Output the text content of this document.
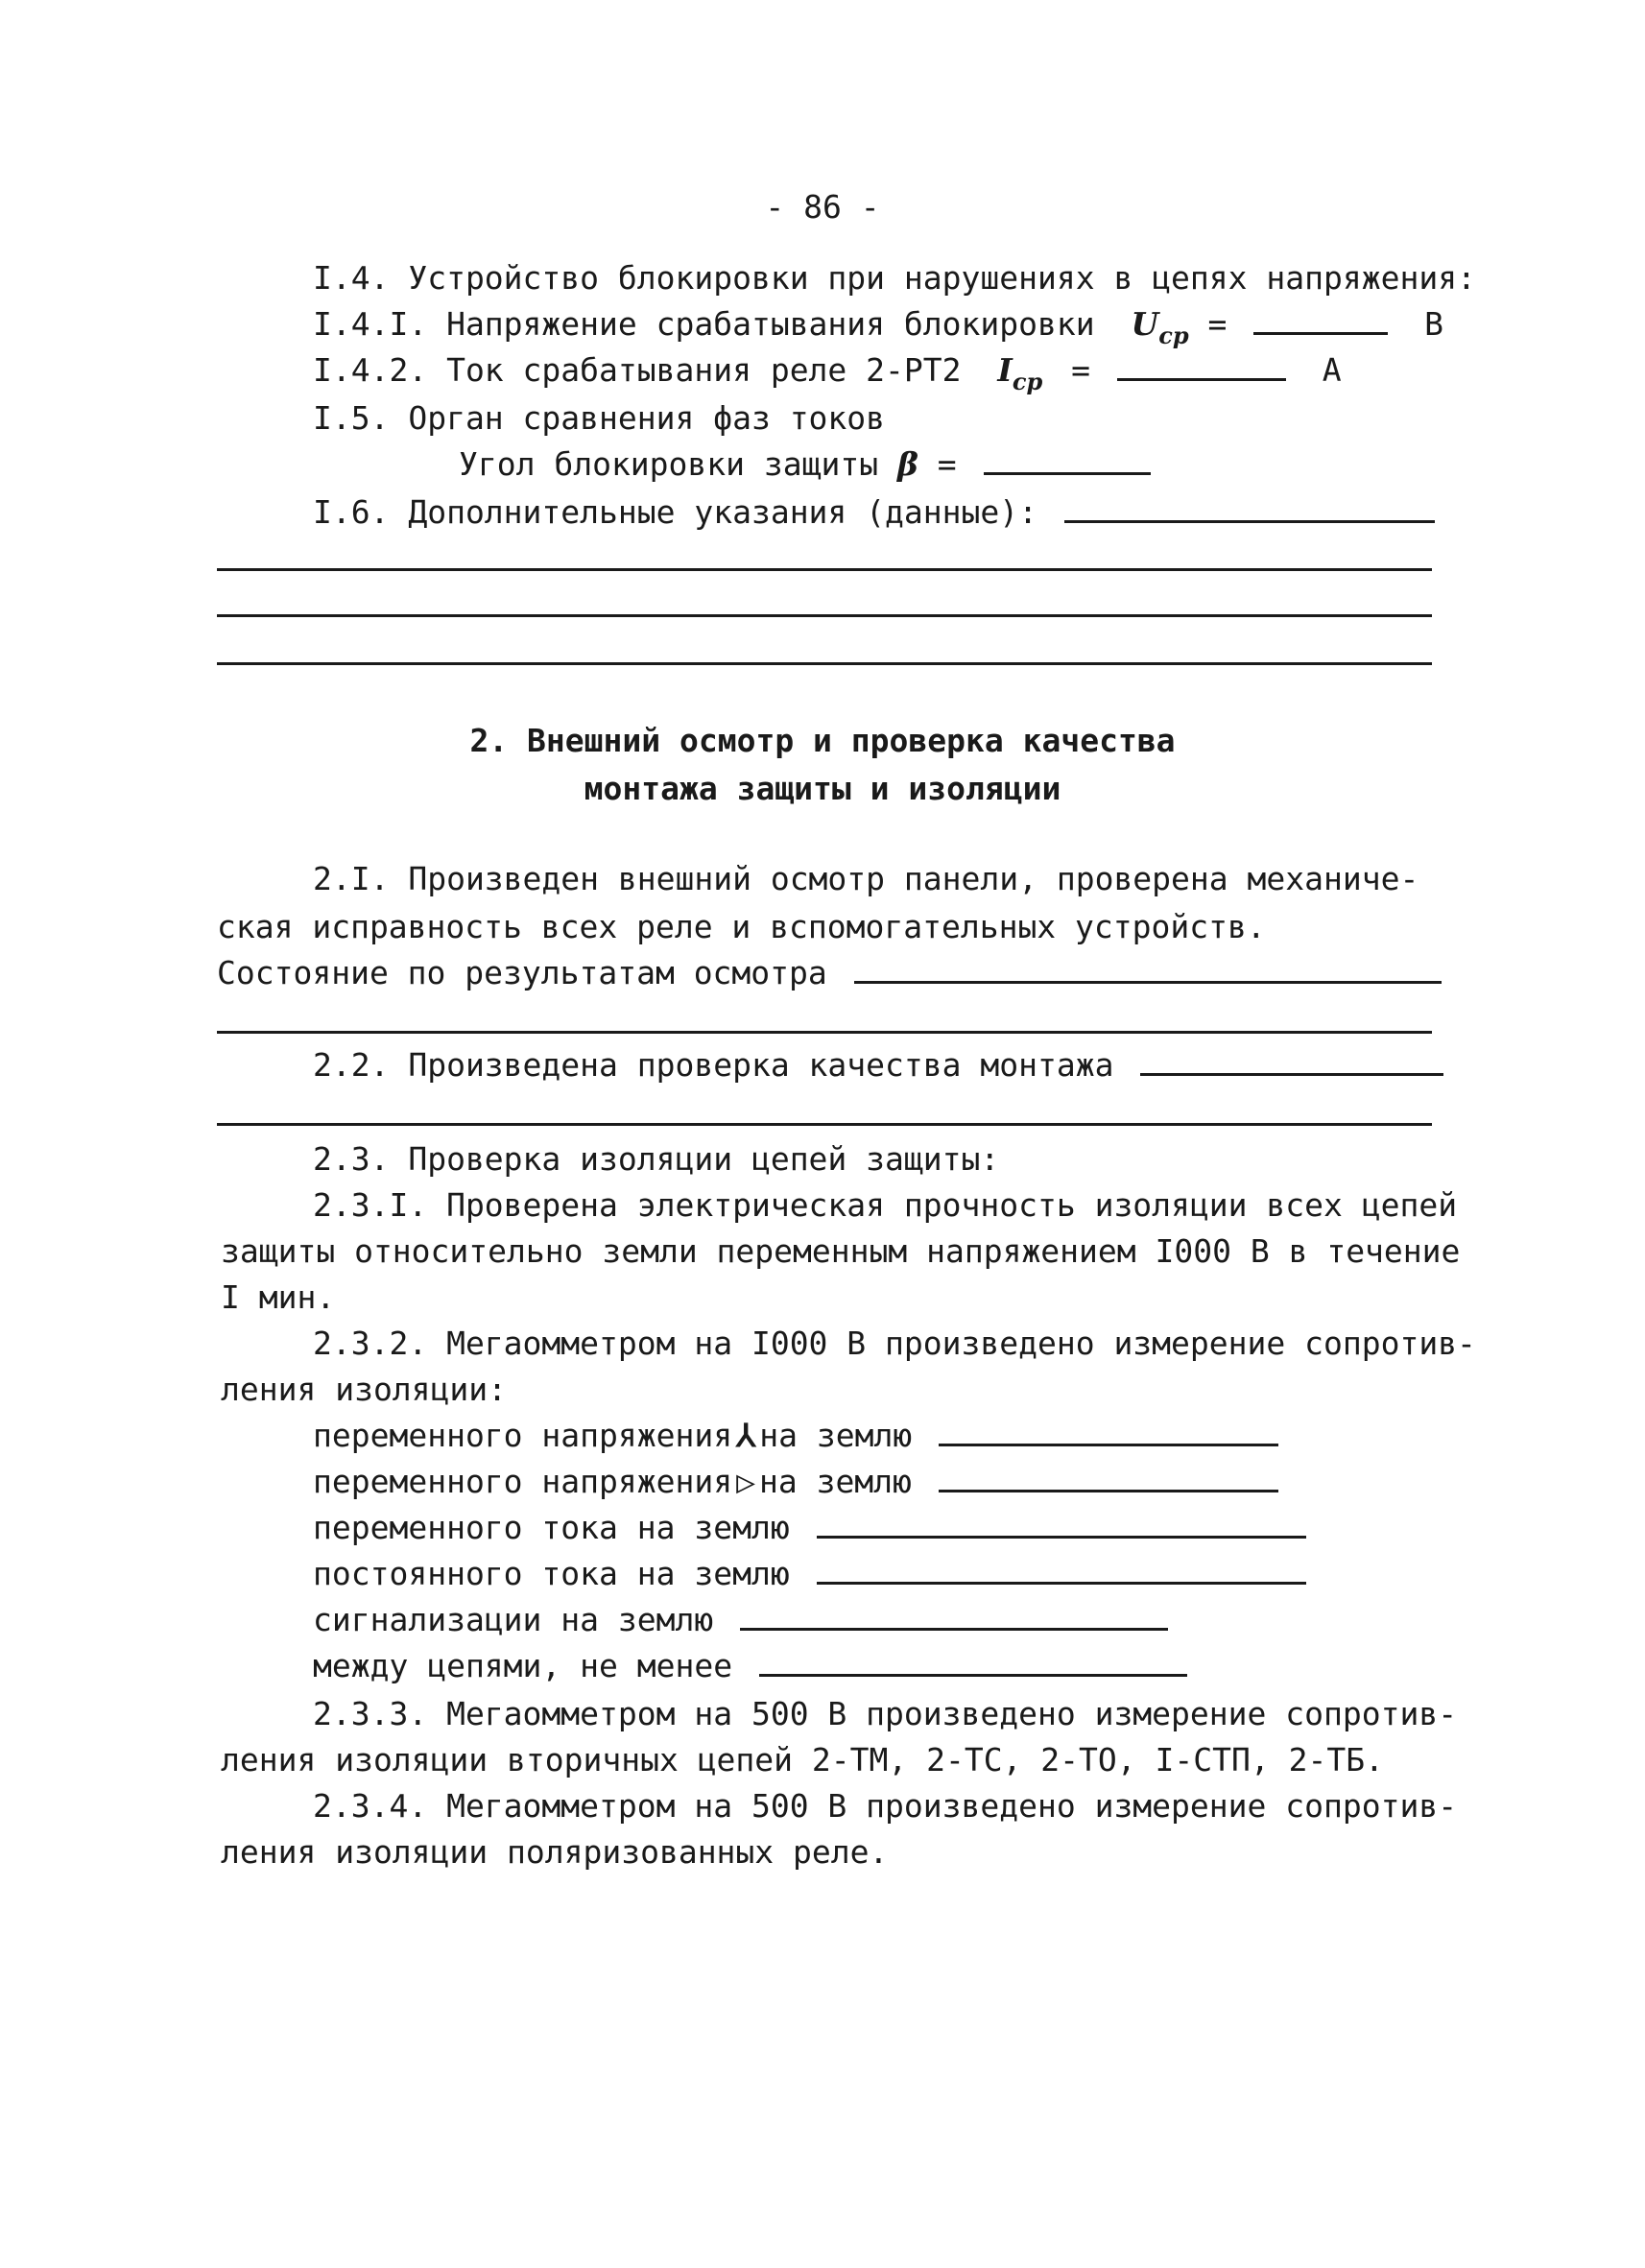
- 86 -
I.4. Устройство блокировки при нарушениях в цепях напряжения:
I.4.I. Напряжение срабатывания блокировки $U_{ср}$ =	В
I.4.2. Ток срабатывания реле 2-РТ2 $I_{ср}$ =	А
I.5. Орган сравнения фаз токов
Угол блокировки защиты β =
I.6. Дополнительные указания (данные):
2. Внешний осмотр и проверка качества
монтажа защиты и изоляции
2.I. Произведен внешний осмотр панели, проверена механиче-
ская исправность всех реле и вспомогательных устройств.
Состояние по результатам осмотра
2.2. Произведена проверка качества монтажа
2.3. Проверка изоляции цепей защиты:
2.3.I. Проверена электрическая прочность изоляции всех цепей
защиты относительно земли переменным напряжением I000 В в течение
I мин.
2.3.2. Мегаомметром на I000 В произведено измерение сопротив-
ления изоляции:
переменного напряжения ⅄ на землю
переменного напряжения ▷ на землю
переменного тока на землю
постоянного тока на землю
сигнализации на землю
между цепями, не менее
2.3.3. Мегаомметром на 500 В произведено измерение сопротив-
ления изоляции вторичных цепей 2-ТМ, 2-ТС, 2-ТО, I-СТП, 2-ТБ.
2.3.4. Мегаомметром на 500 В произведено измерение сопротив-
ления изоляции поляризованных реле.
